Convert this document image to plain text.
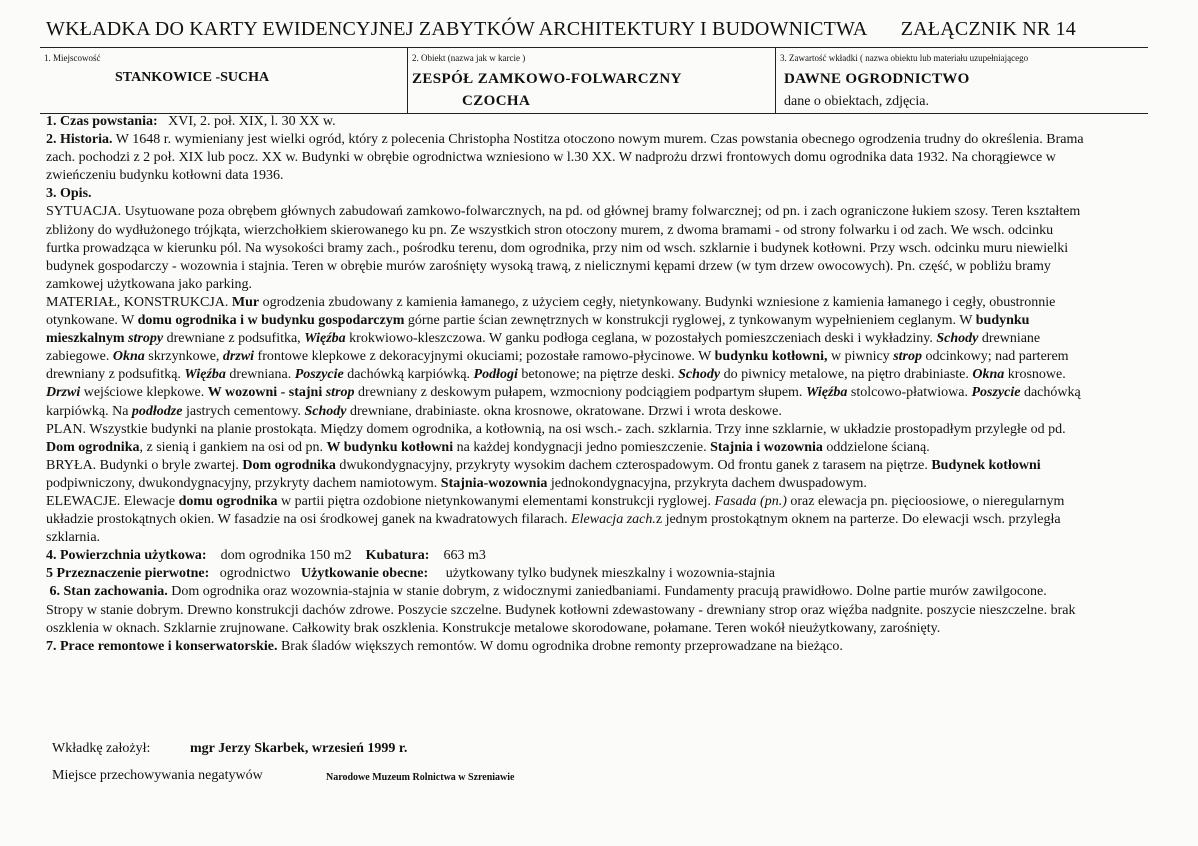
WKŁADKA DO KARTY EWIDENCYJNEJ ZABYTKÓW ARCHITEKTURY I BUDOWNICTWA ZAŁĄCZNIK NR 14
1. Miejscowość
STANKOWICE -SUCHA
2. Obiekt (nazwa jak w karcie )
ZESPÓŁ ZAMKOWO-FOLWARCZNY
CZOCHA
3. Zawartość wkładki ( nazwa obiektu lub materiału uzupełniającego
DAWNE OGRODNICTWO
dane o obiektach, zdjęcia.

1. Czas powstania: XVI, 2. poł. XIX, l. 30 XX w.

2. Historia. W 1648 r. wymieniany jest wielki ogród, który z polecenia Christopha Nostitza otoczono nowym murem. Czas powstania obecnego ogrodzenia trudny do określenia. Brama zach. pochodzi z 2 poł. XIX lub pocz. XX w. Budynki w obrębie ogrodnictwa wzniesiono w l.30 XX. W nadprożu drzwi frontowych domu ogrodnika data 1932. Na chorągiewce w zwieńczeniu budynku kotłowni data 1936.

3. Opis.

SYTUACJA. Usytuowane poza obrębem głównych zabudowań zamkowo-folwarcznych, na pd. od głównej bramy folwarcznej; od pn. i zach ograniczone łukiem szosy. Teren kształtem zbliżony do wydłużonego trójkąta, wierzchołkiem skierowanego ku pn. Ze wszystkich stron otoczony murem, z dwoma bramami - od strony folwarku i od zach. We wsch. odcinku furtka prowadząca w kierunku pól. Na wysokości bramy zach., pośrodku terenu, dom ogrodnika, przy nim od wsch. szklarnie i budynek kotłowni. Przy wsch. odcinku muru niewielki budynek gospodarczy - wozownia i stajnia. Teren w obrębie murów zarośnięty wysoką trawą, z nielicznymi kępami drzew (w tym drzew owocowych). Pn. część, w pobliżu bramy zamkowej użytkowana jako parking.

MATERIAŁ, KONSTRUKCJA. Mur ogrodzenia zbudowany z kamienia łamanego, z użyciem cegły, nietynkowany. Budynki wzniesione z kamienia łamanego i cegły, obustronnie otynkowane. W domu ogrodnika i w budynku gospodarczym górne partie ścian zewnętrznych w konstrukcji ryglowej, z tynkowanym wypełnieniem ceglanym. W budynku mieszkalnym stropy drewniane z podsufitka, Więźba krokwiowo-kleszczowa. W ganku podłoga ceglana, w pozostałych pomieszczeniach deski i wykładziny. Schody drewniane zabiegowe. Okna skrzynkowe, drzwi frontowe klepkowe z dekoracyjnymi okuciami; pozostałe ramowo-płycinowe. W budynku kotłowni, w piwnicy strop odcinkowy; nad parterem drewniany z podsufitką. Więźba drewniana. Poszycie dachówką karpiówką. Podłogi betonowe; na piętrze deski. Schody do piwnicy metalowe, na piętro drabiniaste. Okna krosnowe. Drzwi wejściowe klepkowe. W wozowni - stajni strop drewniany z deskowym pułapem, wzmocniony podciągiem podpartym słupem. Więźba stolcowo-płatwiowa. Poszycie dachówką karpiówką. Na podłodze jastrych cementowy. Schody drewniane, drabiniaste. okna krosnowe, okratowane. Drzwi i wrota deskowe.

PLAN. Wszystkie budynki na planie prostokąta. Między domem ogrodnika, a kotłownią, na osi wsch.- zach. szklarnia. Trzy inne szklarnie, w układzie prostopadłym przyległe od pd. Dom ogrodnika, z sienią i gankiem na osi od pn. W budynku kotłowni na każdej kondygnacji jedno pomieszczenie. Stajnia i wozownia oddzielone ścianą.

BRYŁA. Budynki o bryle zwartej. Dom ogrodnika dwukondygnacyjny, przykryty wysokim dachem czterospadowym. Od frontu ganek z tarasem na piętrze. Budynek kotłowni podpiwniczony, dwukondygnacyjny, przykryty dachem namiotowym. Stajnia-wozownia jednokondygnacyjna, przykryta dachem dwuspadowym.

ELEWACJE. Elewacje domu ogrodnika w partii piętra ozdobione nietynkowanymi elementami konstrukcji ryglowej. Fasada (pn.) oraz elewacja pn. pięcioosiowe, o nieregularnym układzie prostokątnych okien. W fasadzie na osi środkowej ganek na kwadratowych filarach. Elewacja zach.z jednym prostokątnym oknem na parterze. Do elewacji wsch. przyległa szklarnia.

4. Powierzchnia użytkowa: dom ogrodnika 150 m2 Kubatura: 663 m3

5 Przeznaczenie pierwotne: ogrodnictwo Użytkowanie obecne: użytkowany tylko budynek mieszkalny i wozownia-stajnia

6. Stan zachowania. Dom ogrodnika oraz wozownia-stajnia w stanie dobrym, z widocznymi zaniedbaniami. Fundamenty pracują prawidłowo. Dolne partie murów zawilgocone. Stropy w stanie dobrym. Drewno konstrukcji dachów zdrowe. Poszycie szczelne. Budynek kotłowni zdewastowany - drewniany strop oraz więźba nadgnite. poszycie nieszczelne. brak oszklenia w oknach. Szklarnie zrujnowane. Całkowity brak oszklenia. Konstrukcje metalowe skorodowane, połamane. Teren wokół nieużytkowany, zarośnięty.

7. Prace remontowe i konserwatorskie. Brak śladów większych remontów. W domu ogrodnika drobne remonty przeprowadzane na bieżąco.

Wkładkę założył:	mgr Jerzy Skarbek, wrzesień 1999 r.
Miejsce przechowywania negatywów	Narodowe Muzeum Rolnictwa w Szreniawie
